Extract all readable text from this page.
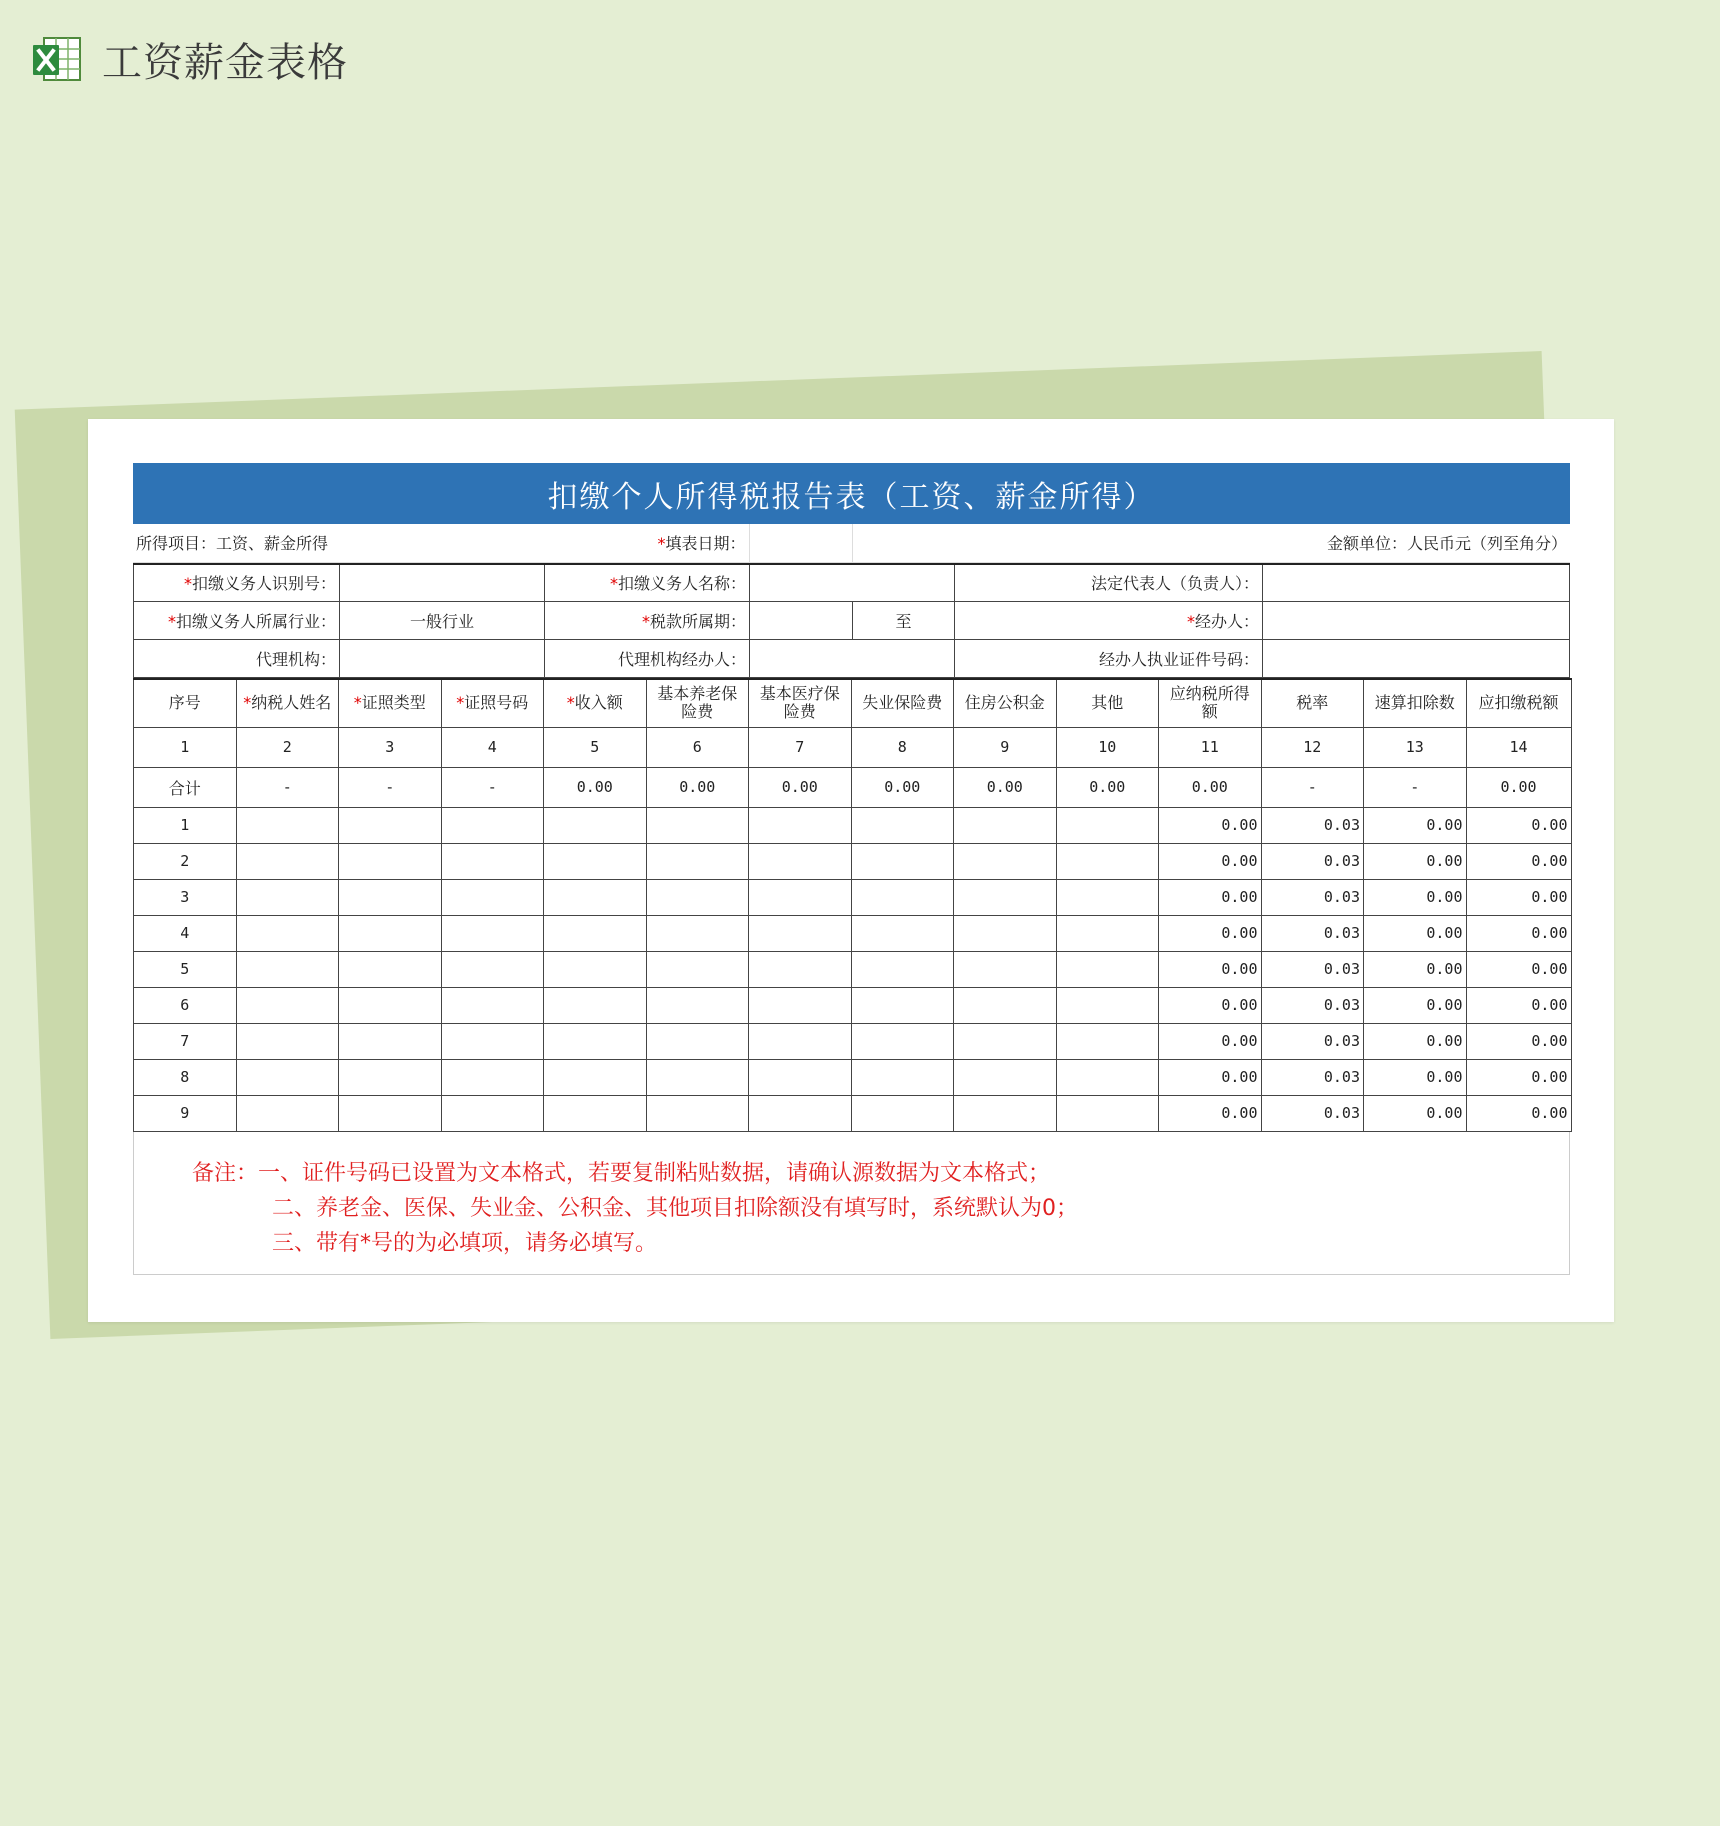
工资薪金表格
扣缴个人所得税报告表（工资、薪金所得）
所得项目：工资、薪金所得	*填表日期：		金额单位：人民币元（列至角分）
*扣缴义务人识别号：		*扣缴义务人名称：			法定代表人（负责人）：	
*扣缴义务人所属行业：	一般行业	*税款所属期：		至	*经办人：	
代理机构：		代理机构经办人：			经办人执业证件号码：	
序号	*纳税人姓名	*证照类型	*证照号码	*收入额	基本养老保险费	基本医疗保险费	失业保险费	住房公积金	其他	应纳税所得额	税率	速算扣除数	应扣缴税额
1	2	3	4	5	6	7	8	9	10	11	12	13	14
合计	-	-	-	0.00	0.00	0.00	0.00	0.00	0.00	0.00	-	-	0.00
1										0.00	0.03	0.00	0.00
2										0.00	0.03	0.00	0.00
3										0.00	0.03	0.00	0.00
4										0.00	0.03	0.00	0.00
5										0.00	0.03	0.00	0.00
6										0.00	0.03	0.00	0.00
7										0.00	0.03	0.00	0.00
8										0.00	0.03	0.00	0.00
9										0.00	0.03	0.00	0.00
备注：一、证件号码已设置为文本格式，若要复制粘贴数据，请确认源数据为文本格式；
二、养老金、医保、失业金、公积金、其他项目扣除额没有填写时，系统默认为0；
三、带有*号的为必填项，请务必填写。
